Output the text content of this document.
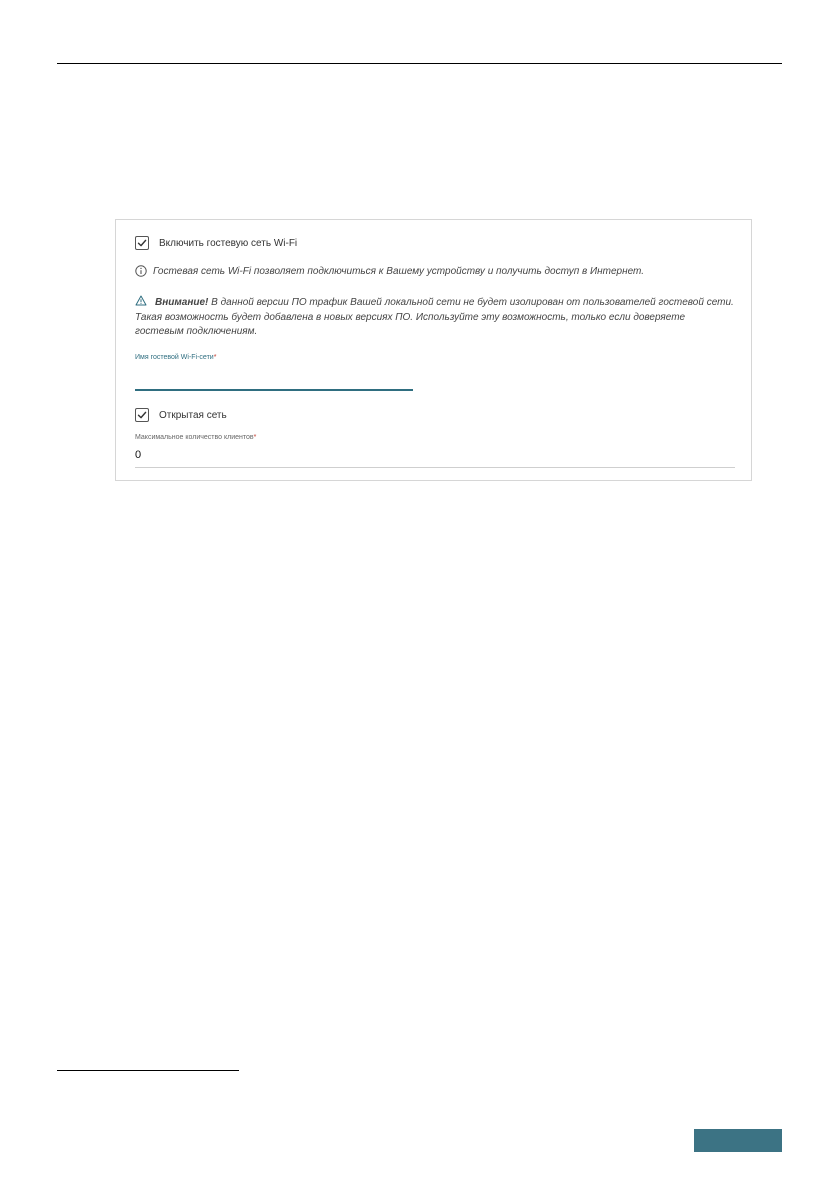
Включить гостевую сеть Wi-Fi
Гостевая сеть Wi-Fi позволяет подключиться к Вашему устройству и получить доступ в Интернет.
Внимание! В данной версии ПО трафик Вашей локальной сети не будет изолирован от пользователей гостевой сети. Такая возможность будет добавлена в новых версиях ПО. Используйте эту возможность, только если доверяете гостевым подключениям.
Имя гостевой Wi-Fi-сети*
Открытая сеть
Максимальное количество клиентов*
0
